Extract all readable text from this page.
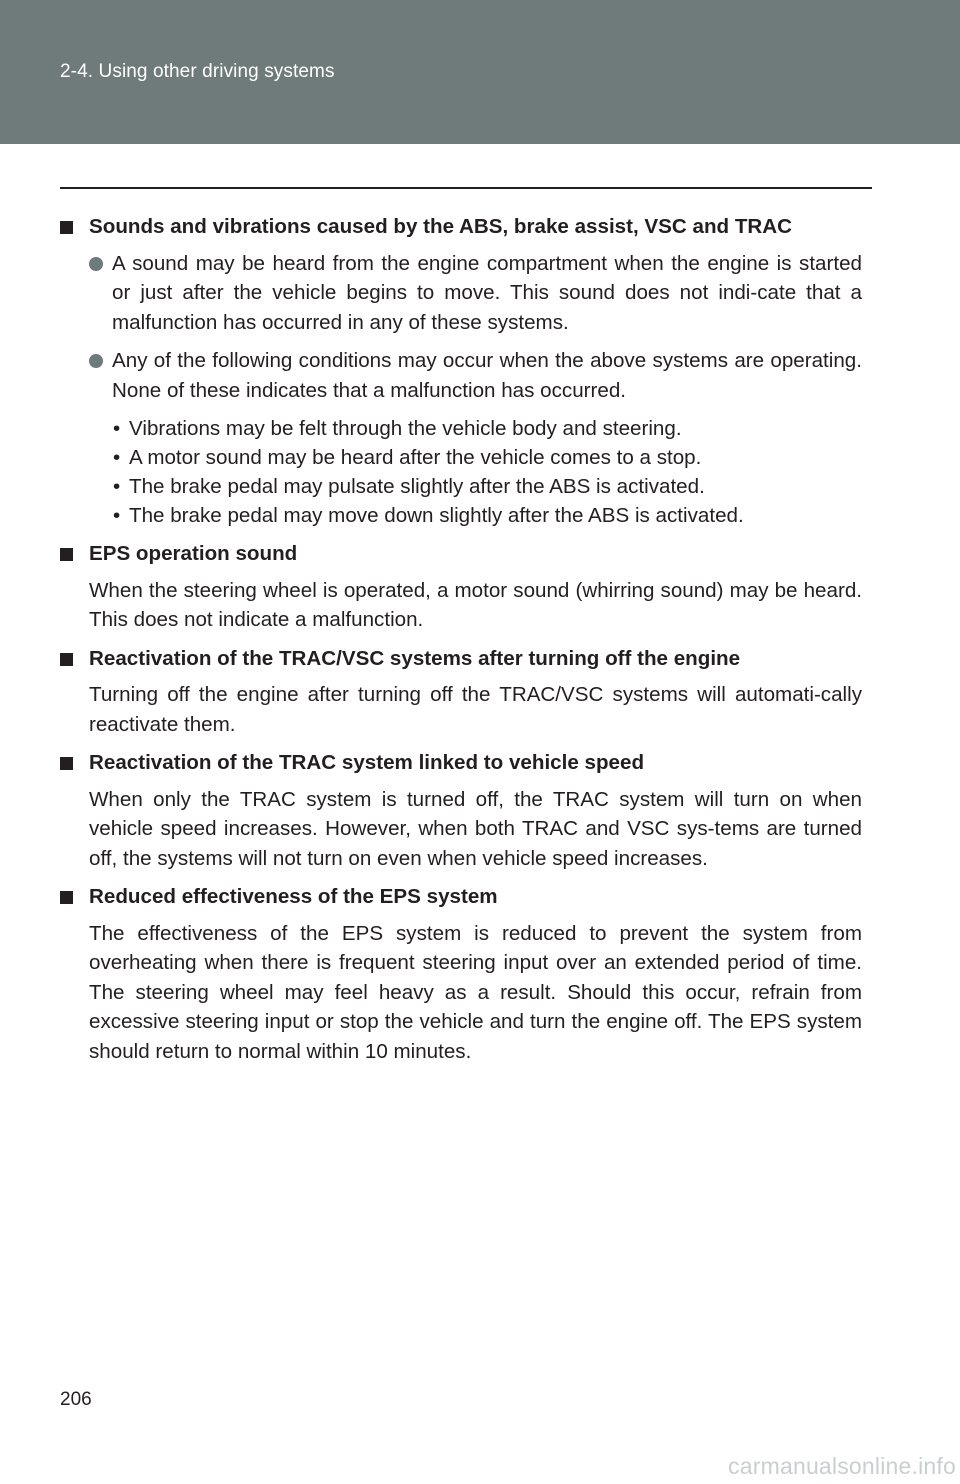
2-4. Using other driving systems
Sounds and vibrations caused by the ABS, brake assist, VSC and TRAC
A sound may be heard from the engine compartment when the engine is started or just after the vehicle begins to move. This sound does not indi-cate that a malfunction has occurred in any of these systems.
Any of the following conditions may occur when the above systems are operating. None of these indicates that a malfunction has occurred.
• Vibrations may be felt through the vehicle body and steering.
• A motor sound may be heard after the vehicle comes to a stop.
• The brake pedal may pulsate slightly after the ABS is activated.
• The brake pedal may move down slightly after the ABS is activated.
EPS operation sound
When the steering wheel is operated, a motor sound (whirring sound) may be heard. This does not indicate a malfunction.
Reactivation of the TRAC/VSC systems after turning off the engine
Turning off the engine after turning off the TRAC/VSC systems will automati-cally reactivate them.
Reactivation of the TRAC system linked to vehicle speed
When only the TRAC system is turned off, the TRAC system will turn on when vehicle speed increases. However, when both TRAC and VSC sys-tems are turned off, the systems will not turn on even when vehicle speed increases.
Reduced effectiveness of the EPS system
The effectiveness of the EPS system is reduced to prevent the system from overheating when there is frequent steering input over an extended period of time. The steering wheel may feel heavy as a result. Should this occur, refrain from excessive steering input or stop the vehicle and turn the engine off. The EPS system should return to normal within 10 minutes.
206
carmanualsonline.info
